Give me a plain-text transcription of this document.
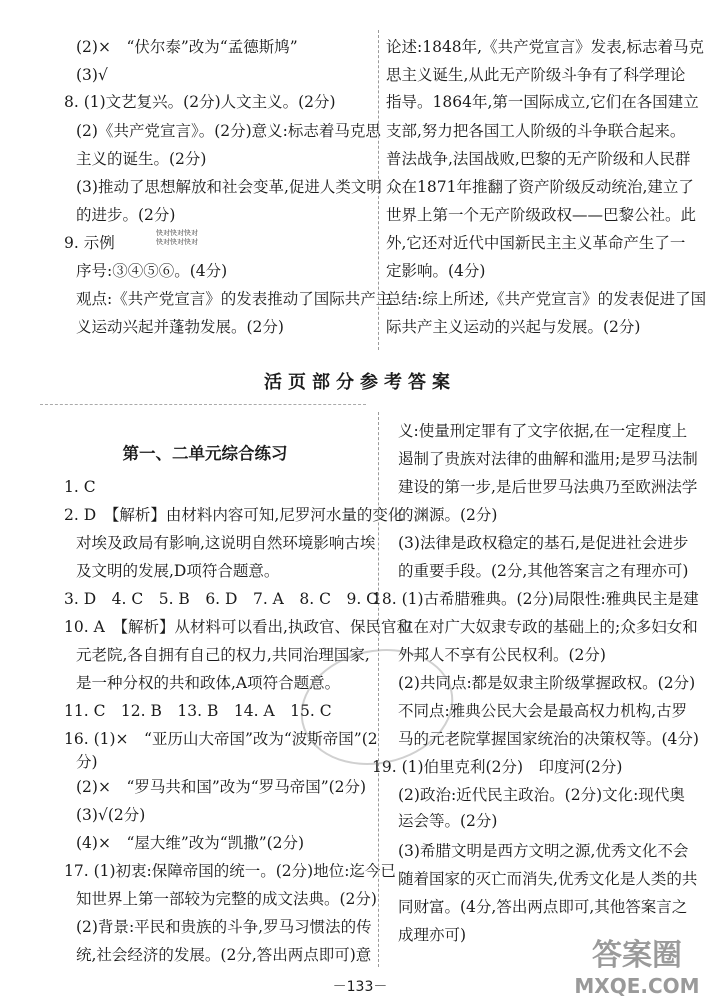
(2)×　“伏尔泰”改为“孟德斯鸠”
(3)√
8. (1)文艺复兴。(2分)人文主义。(2分)
(2)《共产党宣言》。(2分)意义:标志着马克思
主义的诞生。(2分)
(3)推动了思想解放和社会变革,促进人类文明
的进步。(2分)
9. 示例
快对快对快对
快对快对快对
序号:③④⑤⑥。(4分)
观点:《共产党宣言》的发表推动了国际共产主
义运动兴起并蓬勃发展。(2分)
论述:1848年,《共产党宣言》发表,标志着马克
思主义诞生,从此无产阶级斗争有了科学理论
指导。1864年,第一国际成立,它们在各国建立
支部,努力把各国工人阶级的斗争联合起来。
普法战争,法国战败,巴黎的无产阶级和人民群
众在1871年推翻了资产阶级反动统治,建立了
世界上第一个无产阶级政权——巴黎公社。此
外,它还对近代中国新民主主义革命产生了一
定影响。(4分)
总结:综上所述,《共产党宣言》的发表促进了国
际共产主义运动的兴起与发展。(2分)
活页部分参考答案
第一、二单元综合练习
1. C
2. D　【解析】由材料内容可知,尼罗河水量的变化
对埃及政局有影响,这说明自然环境影响古埃
及文明的发展,D项符合题意。
3. D　4. C　5. B　6. D　7. A　8. C　9. C
10. A　【解析】从材料可以看出,执政官、保民官和
元老院,各自拥有自己的权力,共同治理国家,
是一种分权的共和政体,A项符合题意。
11. C　12. B　13. B　14. A　15. C
16. (1)×　“亚历山大帝国”改为“波斯帝国”(2
分)
(2)×　“罗马共和国”改为“罗马帝国”(2分)
(3)√(2分)
(4)×　“屋大维”改为“凯撒”(2分)
17. (1)初衷:保障帝国的统一。(2分)地位:迄今已
知世界上第一部较为完整的成文法典。(2分)
(2)背景:平民和贵族的斗争,罗马习惯法的传
统,社会经济的发展。(2分,答出两点即可)意
义:使量刑定罪有了文字依据,在一定程度上
遏制了贵族对法律的曲解和滥用;是罗马法制
建设的第一步,是后世罗马法典乃至欧洲法学
的渊源。(2分)
(3)法律是政权稳定的基石,是促进社会进步
的重要手段。(2分,其他答案言之有理亦可)
18. (1)古希腊雅典。(2分)局限性:雅典民主是建
立在对广大奴隶专政的基础上的;众多妇女和
外邦人不享有公民权利。(2分)
(2)共同点:都是奴隶主阶级掌握政权。(2分)
不同点:雅典公民大会是最高权力机构,古罗
马的元老院掌握国家统治的决策权等。(4分)
19. (1)伯里克利(2分)　印度河(2分)
(2)政治:近代民主政治。(2分)文化:现代奥
运会等。(2分)
(3)希腊文明是西方文明之源,优秀文化不会
随着国家的灭亡而消失,优秀文化是人类的共
同财富。(4分,答出两点即可,其他答案言之
成理亦可)
答案圈
MXQE.COM
－133－
